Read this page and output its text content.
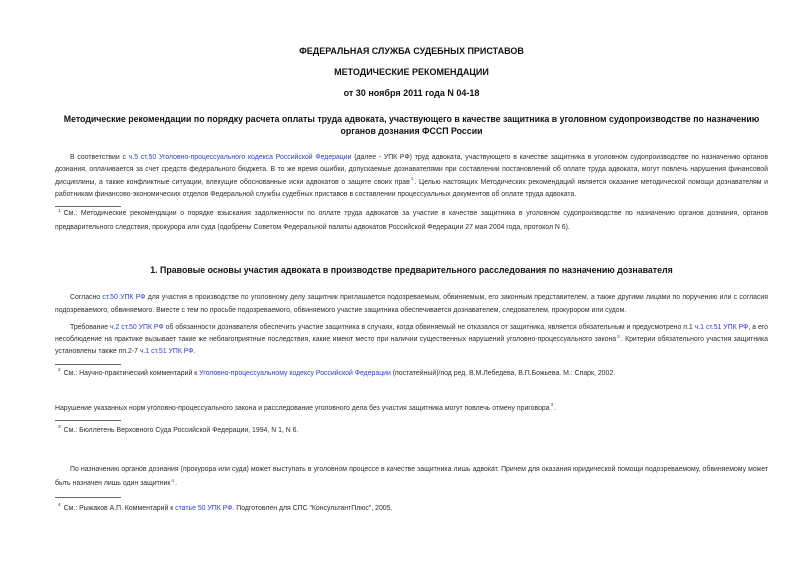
ФЕДЕРАЛЬНАЯ СЛУЖБА СУДЕБНЫХ ПРИСТАВОВ
МЕТОДИЧЕСКИЕ РЕКОМЕНДАЦИИ
от 30 ноября 2011 года N 04-18
Методические рекомендации по порядку расчета оплаты труда адвоката, участвующего в качестве защитника в уголовном судопроизводстве по назначению органов дознания ФССП России
В соответствии с ч.5 ст.50 Уголовно-процессуального кодекса Российской Федерации (далее - УПК РФ) труд адвоката, участвующего в качестве защитника в уголовном судопроизводстве по назначению органов дознания, оплачивается за счет средств федерального бюджета. В то же время ошибки, допускаемые дознавателями при составлении постановлений об оплате труда адвоката, могут повлечь нарушения финансовой дисциплины, а также конфликтные ситуации, влекущие обоснованные иски адвокатов о защите своих прав$^1$. Целью настоящих Методических рекомендаций является оказание методической помощи дознавателям и работникам финансово-экономических отделов Федеральной службы судебных приставов в составлении процессуальных документов об оплате труда адвоката.
$^1$ См.: Методические рекомендации о порядке взыскания задолженности по оплате труда адвокатов за участие в качестве защитника в уголовном судопроизводстве по назначению органов дознания, органов предварительного следствия, прокурора или суда (одобрены Советом Федеральной палаты адвокатов Российской Федерации 27 мая 2004 года, протокол N 6).
1. Правовые основы участия адвоката в производстве предварительного расследования по назначению дознавателя
Согласно ст.50 УПК РФ для участия в производстве по уголовному делу защитник приглашается подозреваемым, обвиняемым, его законным представителем, а также другими лицами по поручению или с согласия подозреваемого, обвиняемого. Вместе с тем по просьбе подозреваемого, обвиняемого участие защитника обеспечивается дознавателем, следователем, прокурором или судом.
Требование ч.2 ст.50 УПК РФ об обязанности дознавателя обеспечить участие защитника в случаях, когда обвиняемый не отказался от защитника, является обязательным и предусмотрено п.1 ч.1 ст.51 УПК РФ, а его несоблюдение на практике вызывает такие же неблагоприятные последствия, какие имеют место при наличии существенных нарушений уголовно-процессуального закона$^2$. Критерии обязательного участия защитника установлены также пп.2-7 ч.1 ст.51 УПК РФ.
$^2$ См.: Научно-практический комментарий к Уголовно-процессуальному кодексу Российской Федерации (постатейный)/под ред. В.М.Лебедева, В.П.Божьева. М.: Спарк, 2002.
Нарушение указанных норм уголовно-процессуального закона и расследование уголовного дела без участия защитника могут повлечь отмену приговора$^3$.
$^3$ См.: Бюллетень Верховного Суда Российской Федерации, 1994, N 1, N 6.
По назначению органов дознания (прокурора или суда) может выступать в уголовном процессе в качестве защитника лишь адвокат. Причем для оказания юридической помощи подозреваемому, обвиняемому может быть назначен лишь один защитник$^4$.
$^4$ См.: Рыжаков А.П. Комментарий к статье 50 УПК РФ. Подготовлен для СПС "КонсультантПлюс", 2005.
